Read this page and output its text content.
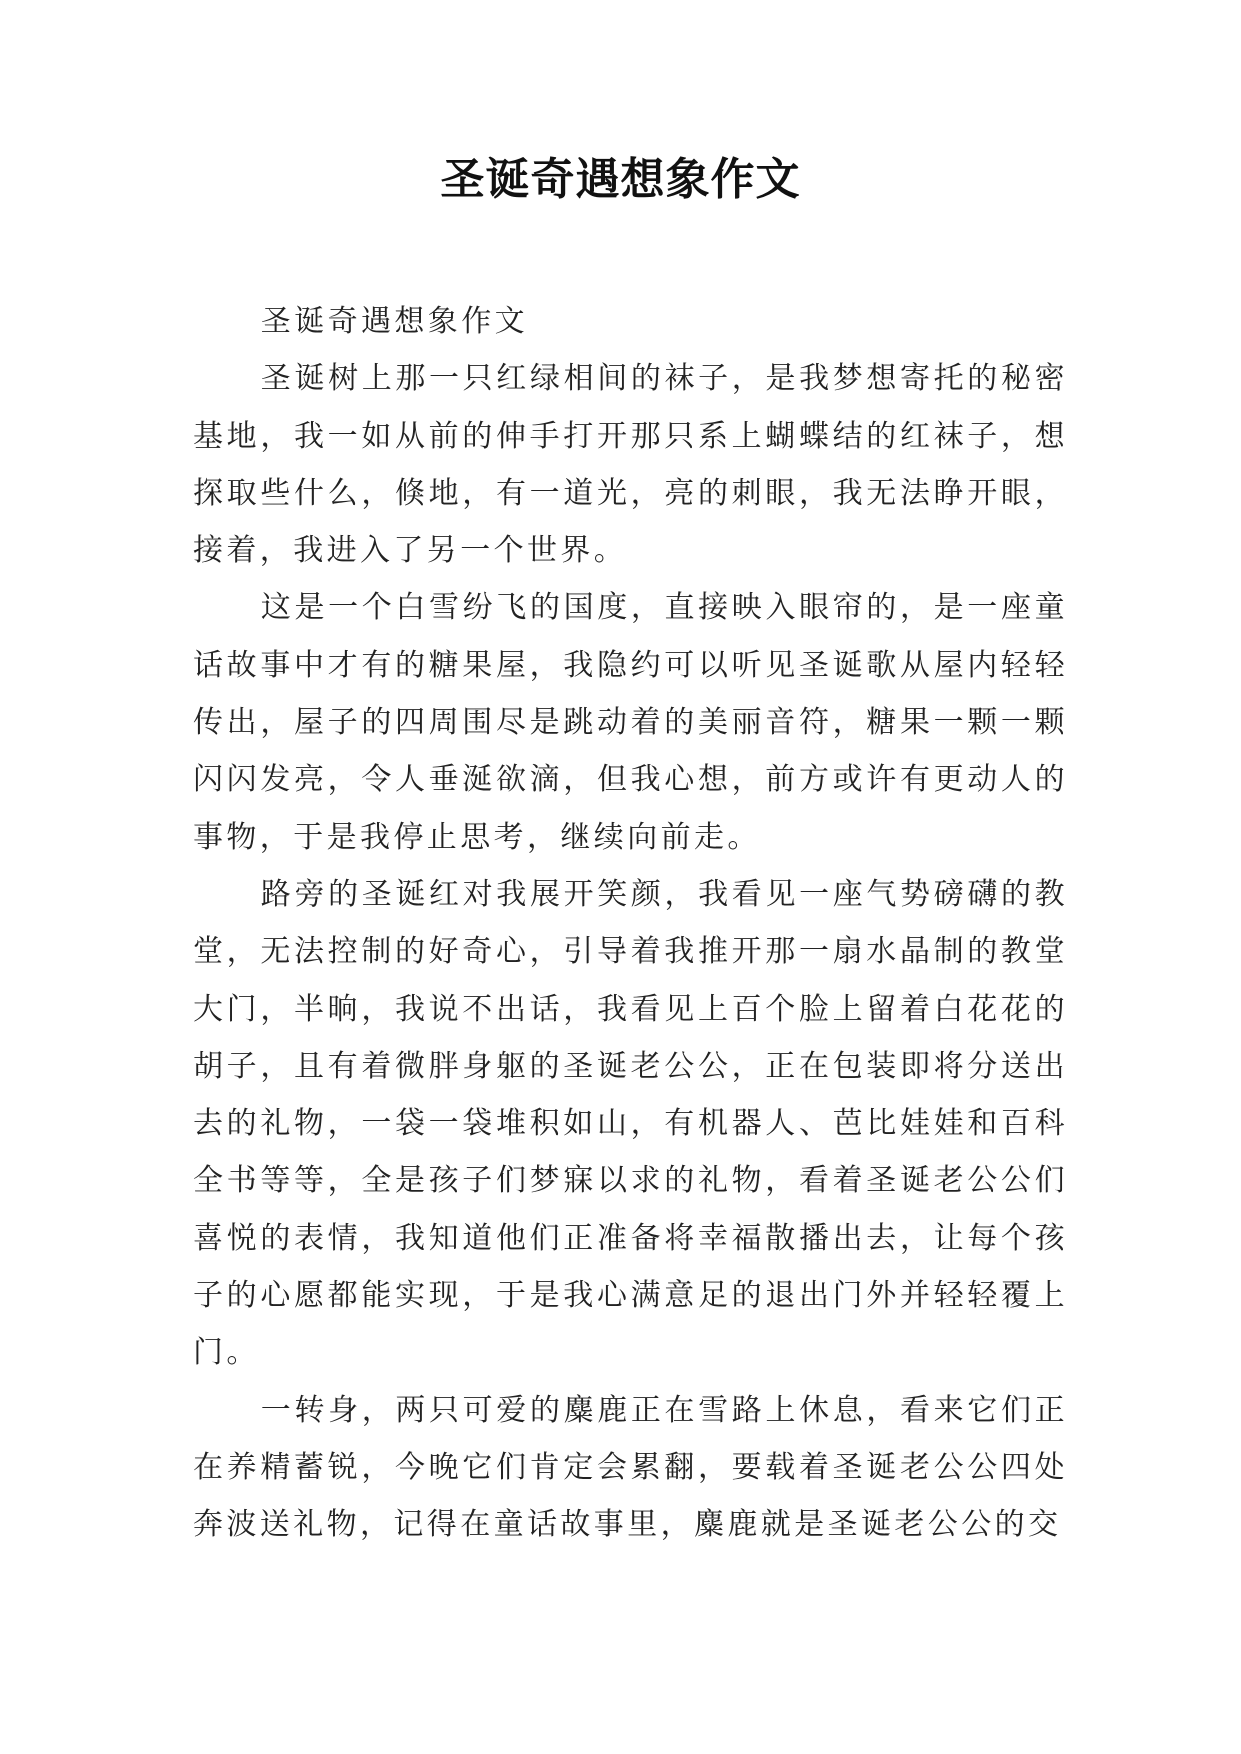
圣诞奇遇想象作文

圣诞奇遇想象作文

圣诞树上那一只红绿相间的袜子，是我梦想寄托的秘密基地，我一如从前的伸手打开那只系上蝴蝶结的红袜子，想探取些什么，倏地，有一道光，亮的刺眼，我无法睁开眼，接着，我进入了另一个世界。

这是一个白雪纷飞的国度，直接映入眼帘的，是一座童话故事中才有的糖果屋，我隐约可以听见圣诞歌从屋内轻轻传出，屋子的四周围尽是跳动着的美丽音符，糖果一颗一颗闪闪发亮，令人垂涎欲滴，但我心想，前方或许有更动人的事物，于是我停止思考，继续向前走。

路旁的圣诞红对我展开笑颜，我看见一座气势磅礴的教堂，无法控制的好奇心，引导着我推开那一扇水晶制的教堂大门，半晌，我说不出话，我看见上百个脸上留着白花花的胡子，且有着微胖身躯的圣诞老公公，正在包装即将分送出去的礼物，一袋一袋堆积如山，有机器人、芭比娃娃和百科全书等等，全是孩子们梦寐以求的礼物，看着圣诞老公公们喜悦的表情，我知道他们正准备将幸福散播出去，让每个孩子的心愿都能实现，于是我心满意足的退出门外并轻轻覆上门。

一转身，两只可爱的麋鹿正在雪路上休息，看来它们正在养精蓄锐，今晚它们肯定会累翻，要载着圣诞老公公四处奔波送礼物，记得在童话故事里，麋鹿就是圣诞老公公的交
